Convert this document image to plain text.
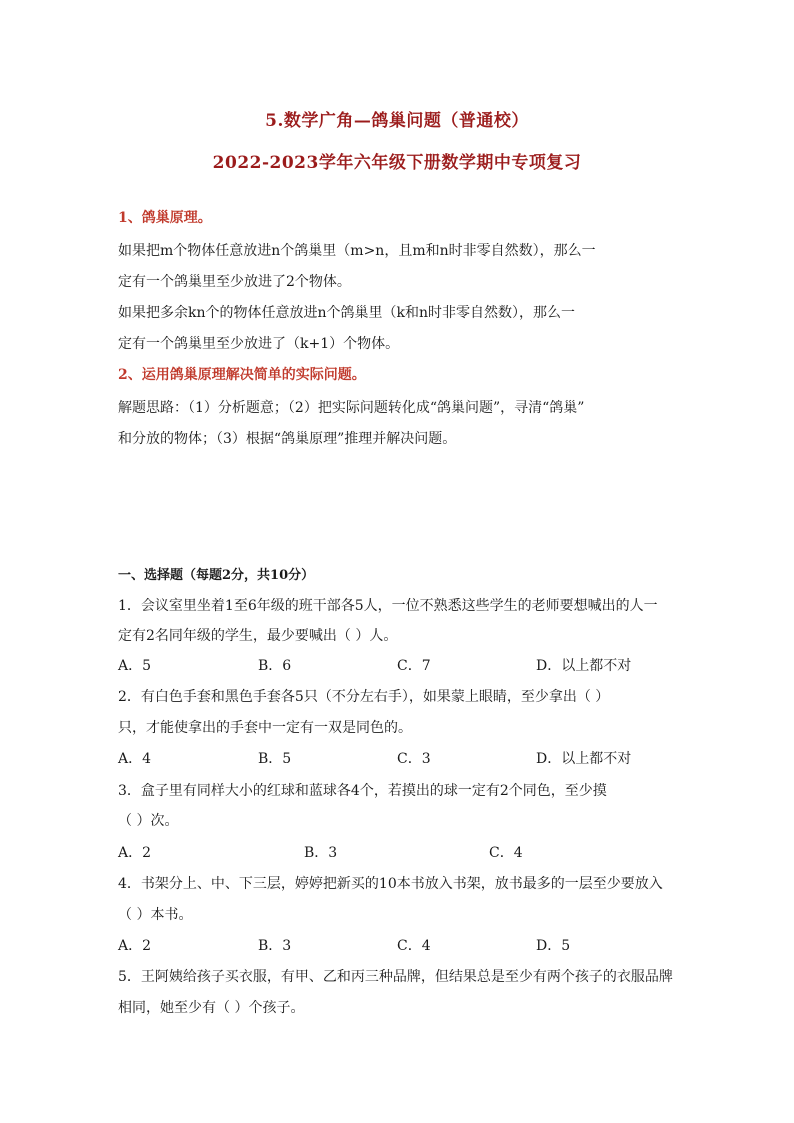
5.数学广角—鸽巢问题（普通校）
2022-2023学年六年级下册数学期中专项复习
1、鸽巢原理。
如果把m个物体任意放进n个鸽巢里（m>n，且m和n时非零自然数），那么一
定有一个鸽巢里至少放进了2个物体。
如果把多余kn个的物体任意放进n个鸽巢里（k和n时非零自然数），那么一
定有一个鸽巢里至少放进了（k+1）个物体。
2、运用鸽巢原理解决简单的实际问题。
解题思路：（1）分析题意；（2）把实际问题转化成“鸽巢问题”，寻清“鸽巢”
和分放的物体；（3）根据“鸽巢原理”推理并解决问题。
一、选择题（每题2分，共10分）
1．会议室里坐着1至6年级的班干部各5人，一位不熟悉这些学生的老师要想喊出的人一
定有2名同年级的学生，最少要喊出（ ）人。
A．5	B．6	C．7	D．以上都不对
2．有白色手套和黑色手套各5只（不分左右手），如果蒙上眼睛，至少拿出（ ）
只，才能使拿出的手套中一定有一双是同色的。
A．4	B．5	C．3	D．以上都不对
3．盒子里有同样大小的红球和蓝球各4个，若摸出的球一定有2个同色，至少摸
（ ）次。
A．2	B．3	C．4
4．书架分上、中、下三层，婷婷把新买的10本书放入书架，放书最多的一层至少要放入
（ ）本书。
A．2	B．3	C．4	D．5
5．王阿姨给孩子买衣服，有甲、乙和丙三种品牌，但结果总是至少有两个孩子的衣服品牌
相同，她至少有（ ）个孩子。
